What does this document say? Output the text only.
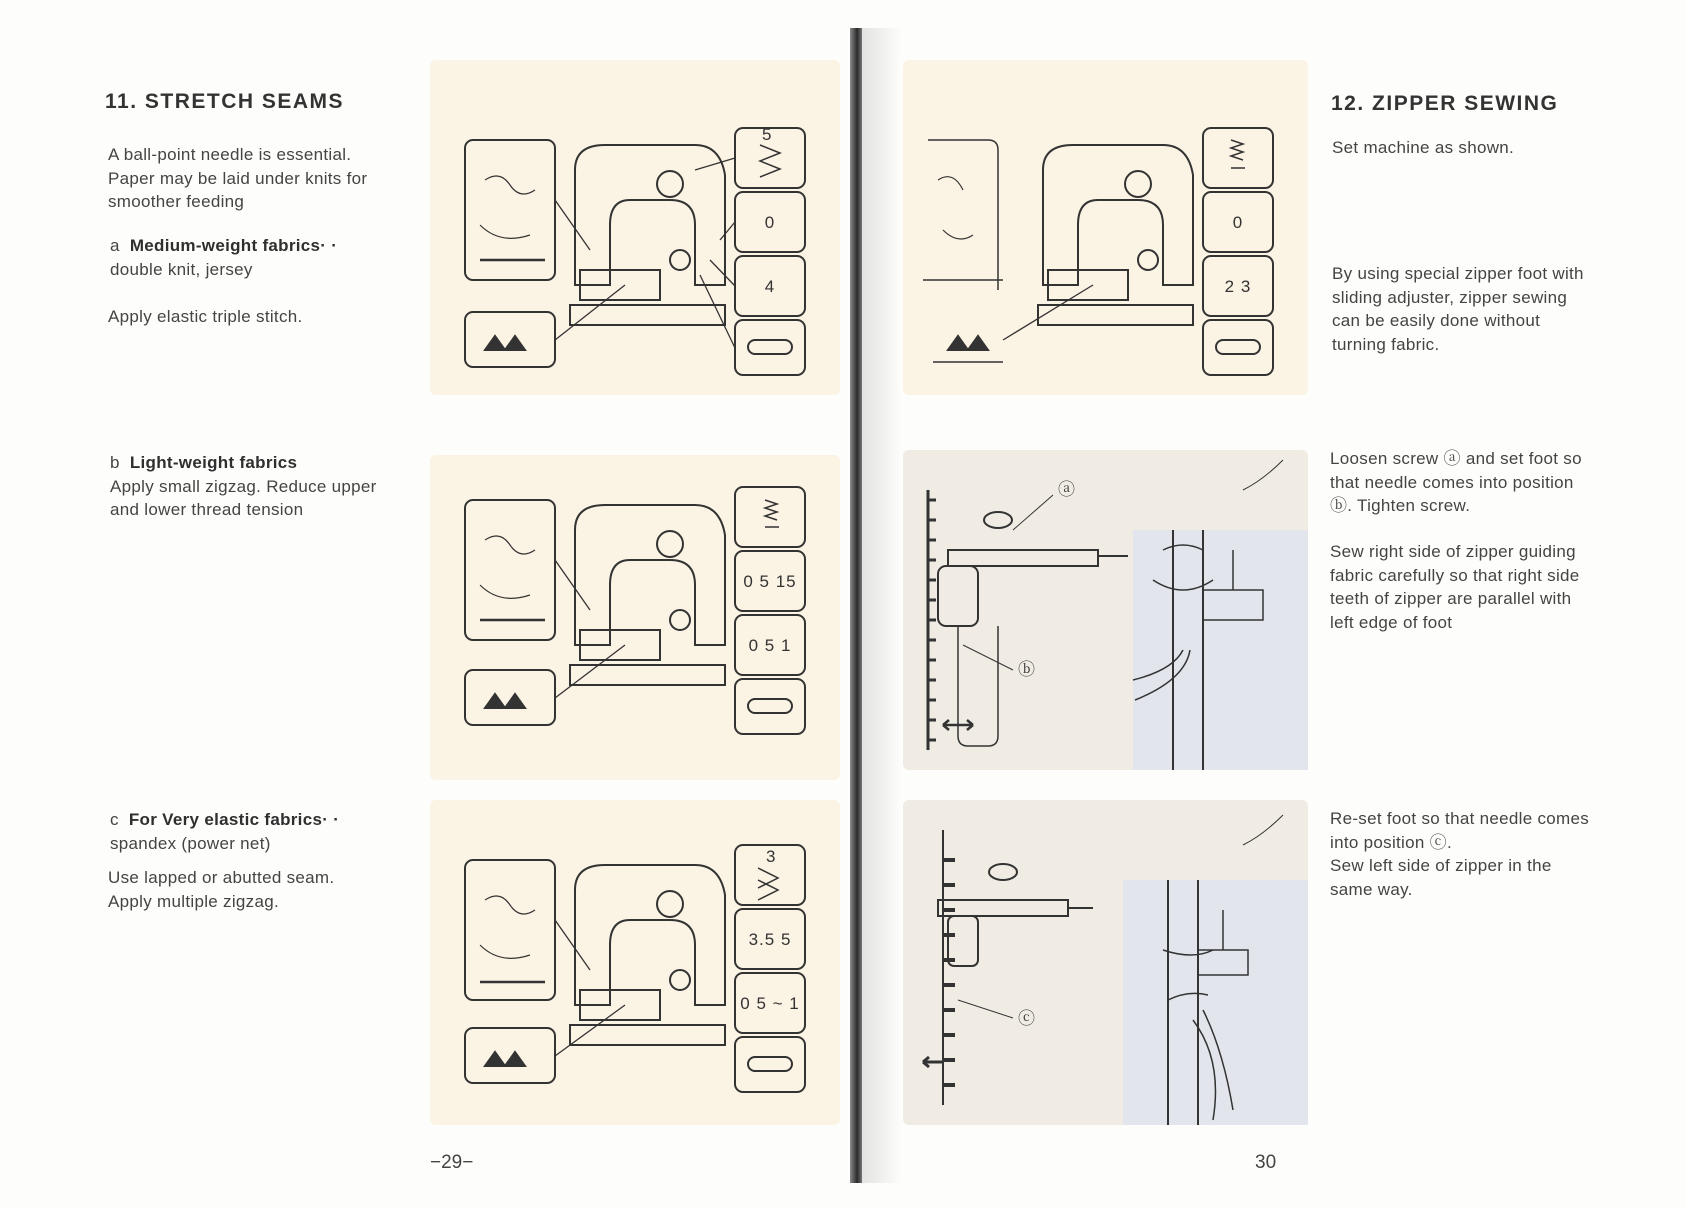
11. STRETCH SEAMS
A ball-point needle is essential.
Paper may be laid under knits for
smoother feeding
a Medium-weight fabrics· ·
double knit, jersey
Apply elastic triple stitch.
b Light-weight fabrics
Apply small zigzag. Reduce upper
and lower thread tension
c For Very elastic fabrics· ·
spandex (power net)
Use lapped or abutted seam.
Apply multiple zigzag.
5
0
4
0 5 15
0 5 1
3
3.5 5
0 5 ~ 1
−29−
12. ZIPPER SEWING
Set machine as shown.
By using special zipper foot with
sliding adjuster, zipper sewing
can be easily done without
turning fabric.
Loosen screw ⓐ and set foot so
that needle comes into position
ⓑ. Tighten screw.
Sew right side of zipper guiding
fabric carefully so that right side
teeth of zipper are parallel with
left edge of foot
Re-set foot so that needle comes
into position ⓒ.
Sew left side of zipper in the
same way.
0
2 3
ⓐ
ⓑ
ⓒ
30
